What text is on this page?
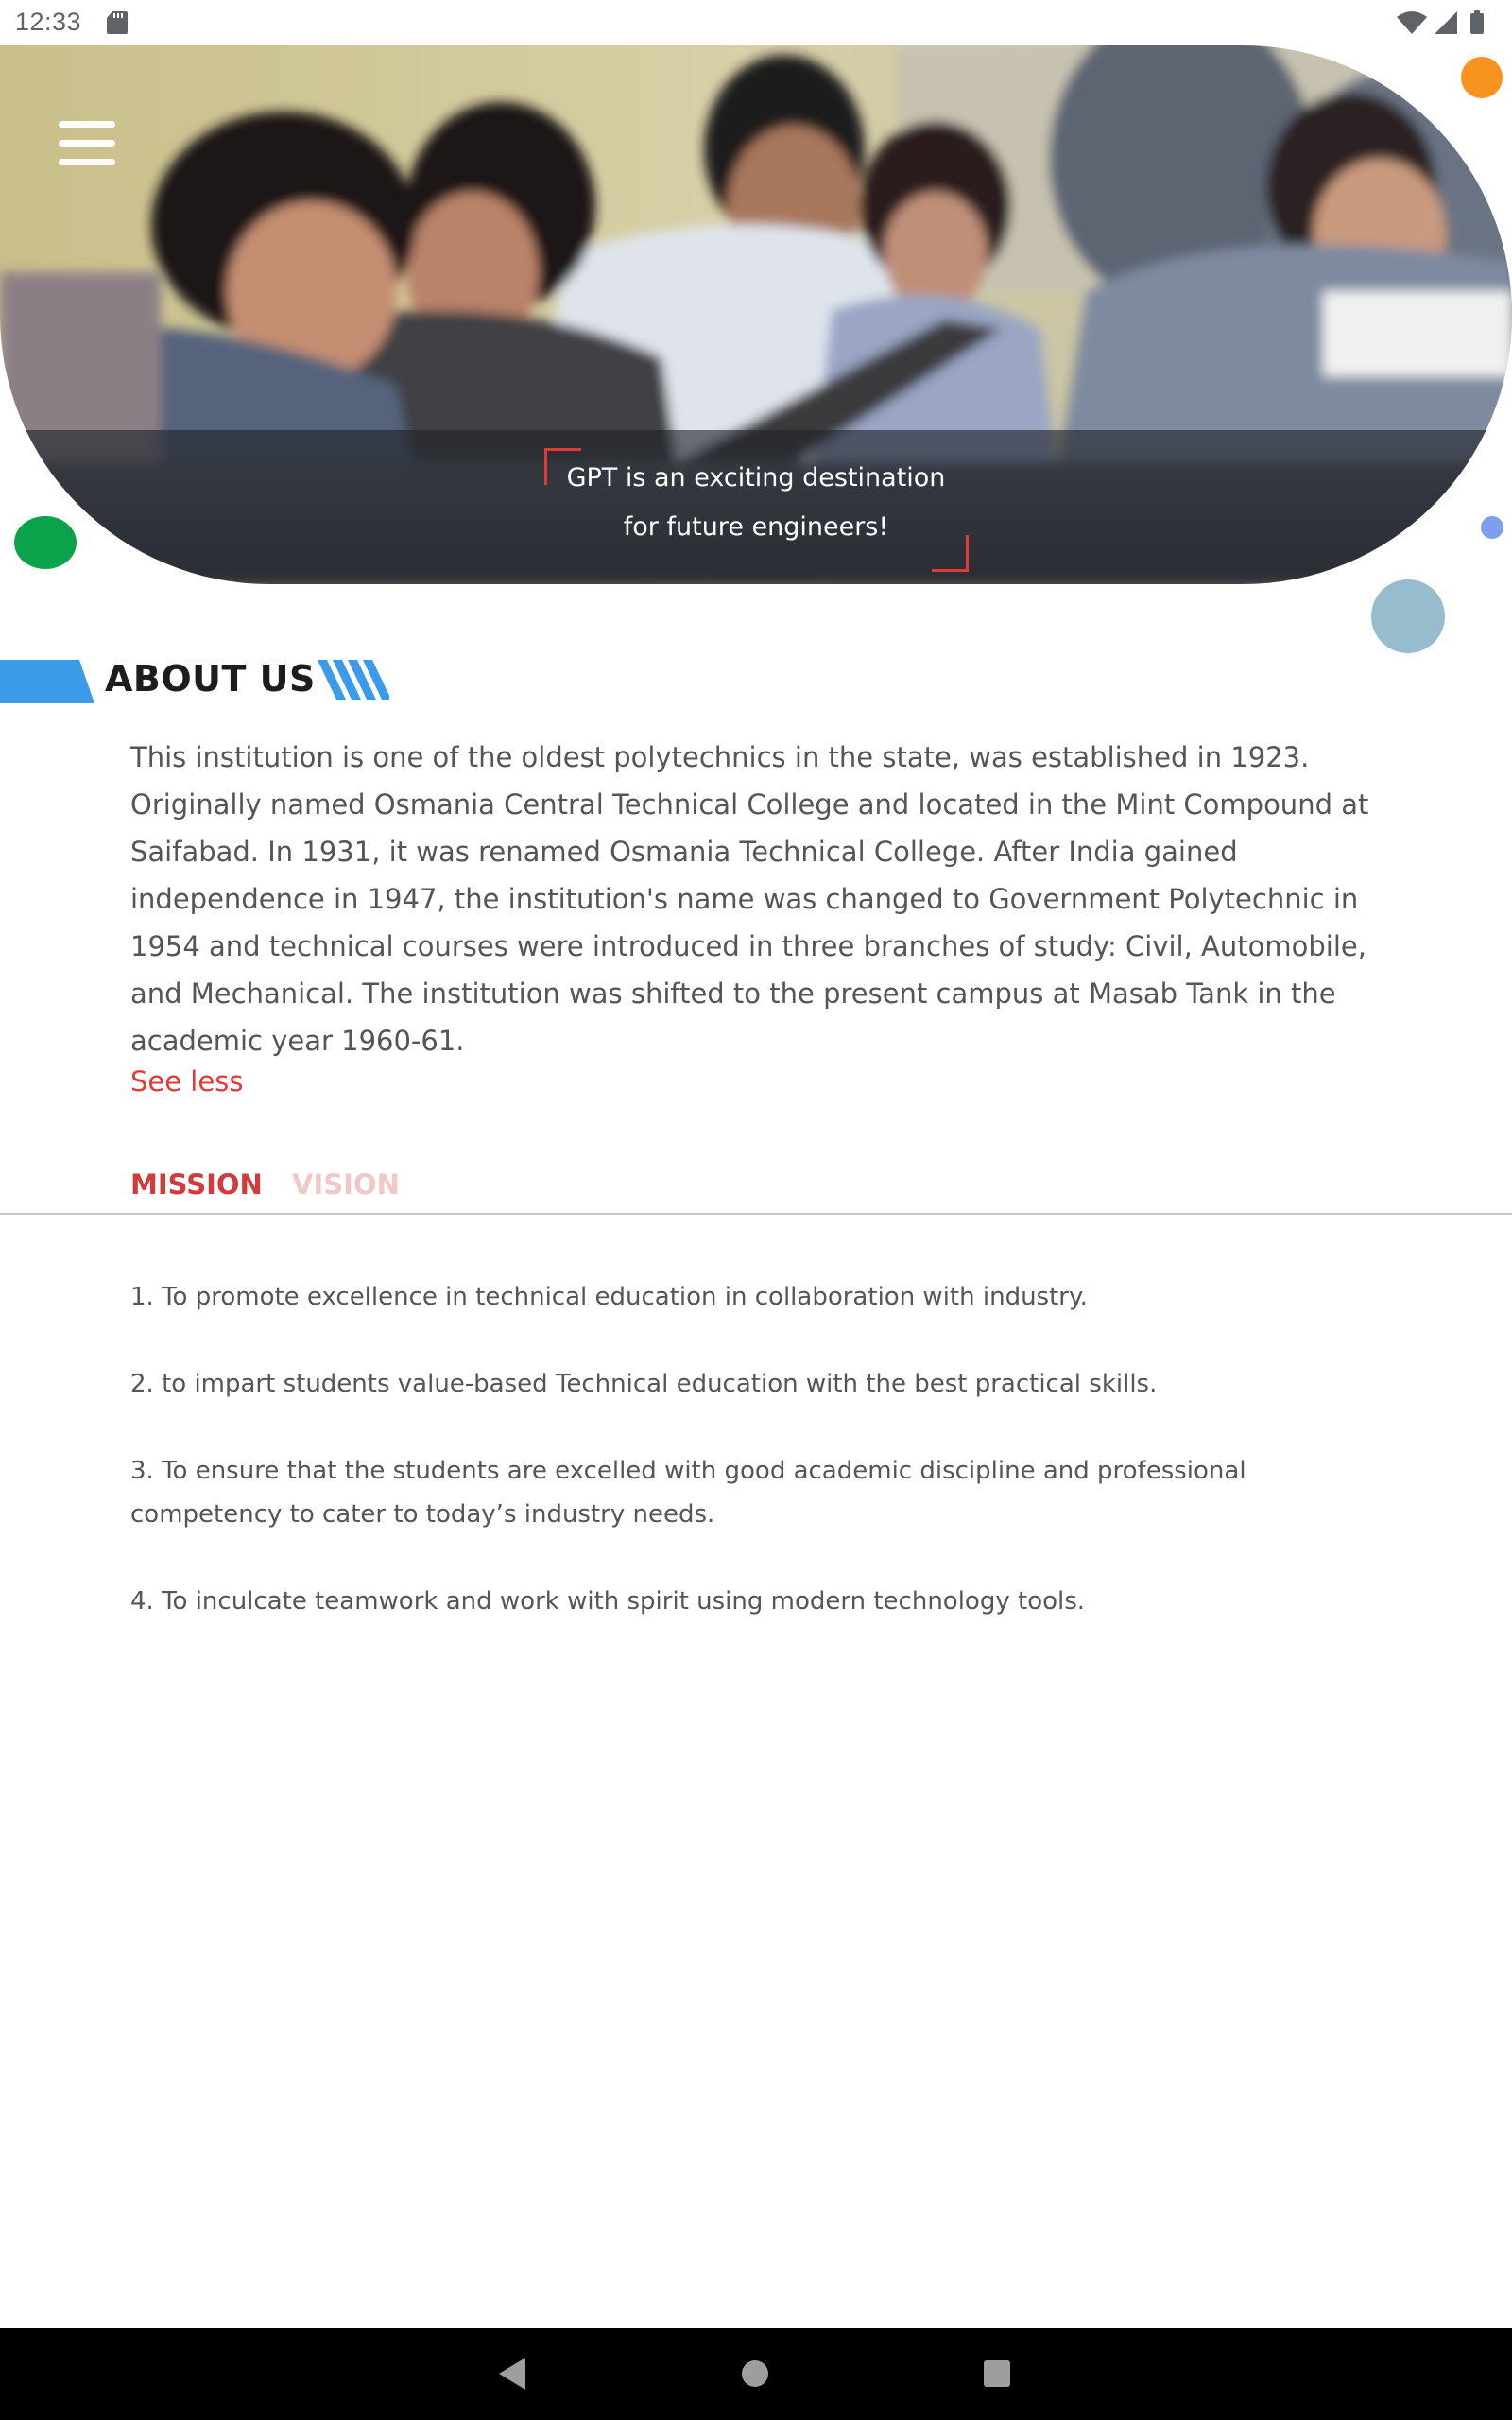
12:33
GPT is an exciting destination
for future engineers!
ABOUT US

This institution is one of the oldest polytechnics in the state, was established in 1923. Originally named Osmania Central Technical College and located in the Mint Compound at Saifabad. In 1931, it was renamed Osmania Technical College. After India gained independence in 1947, the institution's name was changed to Government Polytechnic in 1954 and technical courses were introduced in three branches of study: Civil, Automobile, and Mechanical. The institution was shifted to the present campus at Masab Tank in the academic year 1960-61.

See less
MISSION VISION

1. To promote excellence in technical education in collaboration with industry.

2. to impart students value-based Technical education with the best practical skills.

3. To ensure that the students are excelled with good academic discipline and professional competency to cater to today’s industry needs.

4. To inculcate teamwork and work with spirit using modern technology tools.
